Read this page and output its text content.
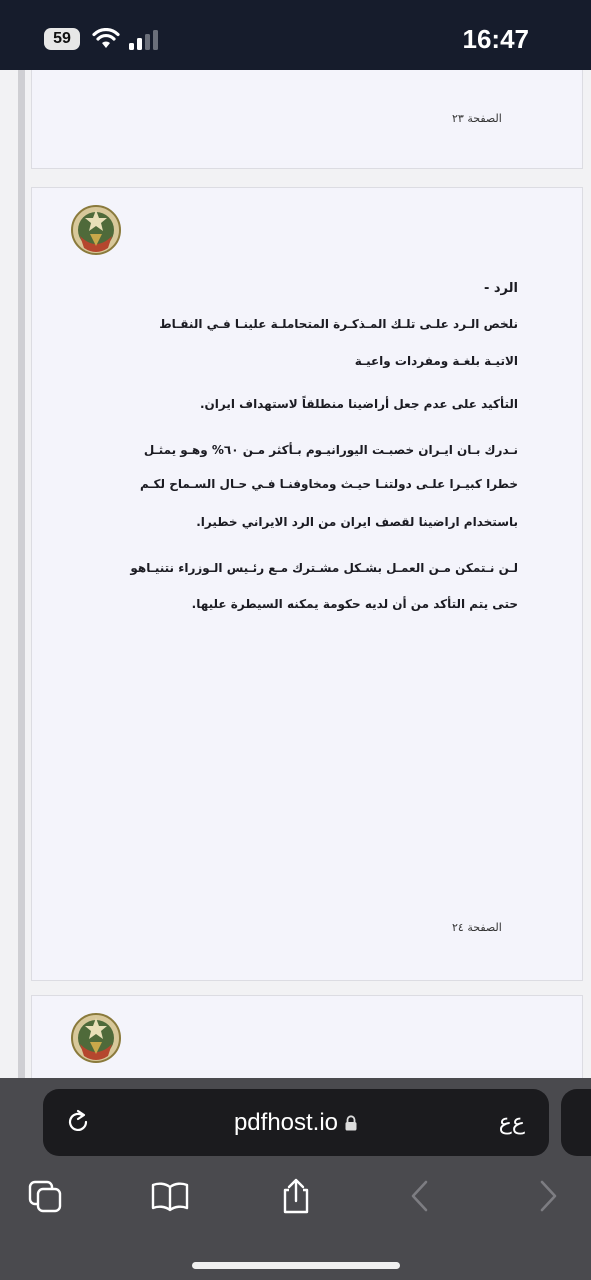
59	16:47
الصفحة ٢٣
الرد -
نلخص الـرد علـى تلـك المـذكـرة المتحاملـة علينـا فـي النقـاط
الاتيـة بلغـة ومفردات واعيـة
التأكيد على عدم جعل أراضينا منطلقاً لاستهداف ايران.
نـدرك بـان ايـران خصبـت اليورانيـوم بـأكثر مـن ٦٠% وهـو يمثـل
خطرا كبيـرا علـى دولتنـا حيـث ومخاوفنـا فـي حـال السـماح لكـم
باستخدام اراضينا لقصف ايران من الرد الايراني خطيرا.
لـن نـتمكن مـن العمـل بشـكل مشـترك مـع رئـيس الـوزراء نتنيـاهو
حتى يتم التأكد من أن لديه حكومة يمكنه السيطرة عليها.
الصفحة ٢٤
pdfhost.io	ع‌ع
